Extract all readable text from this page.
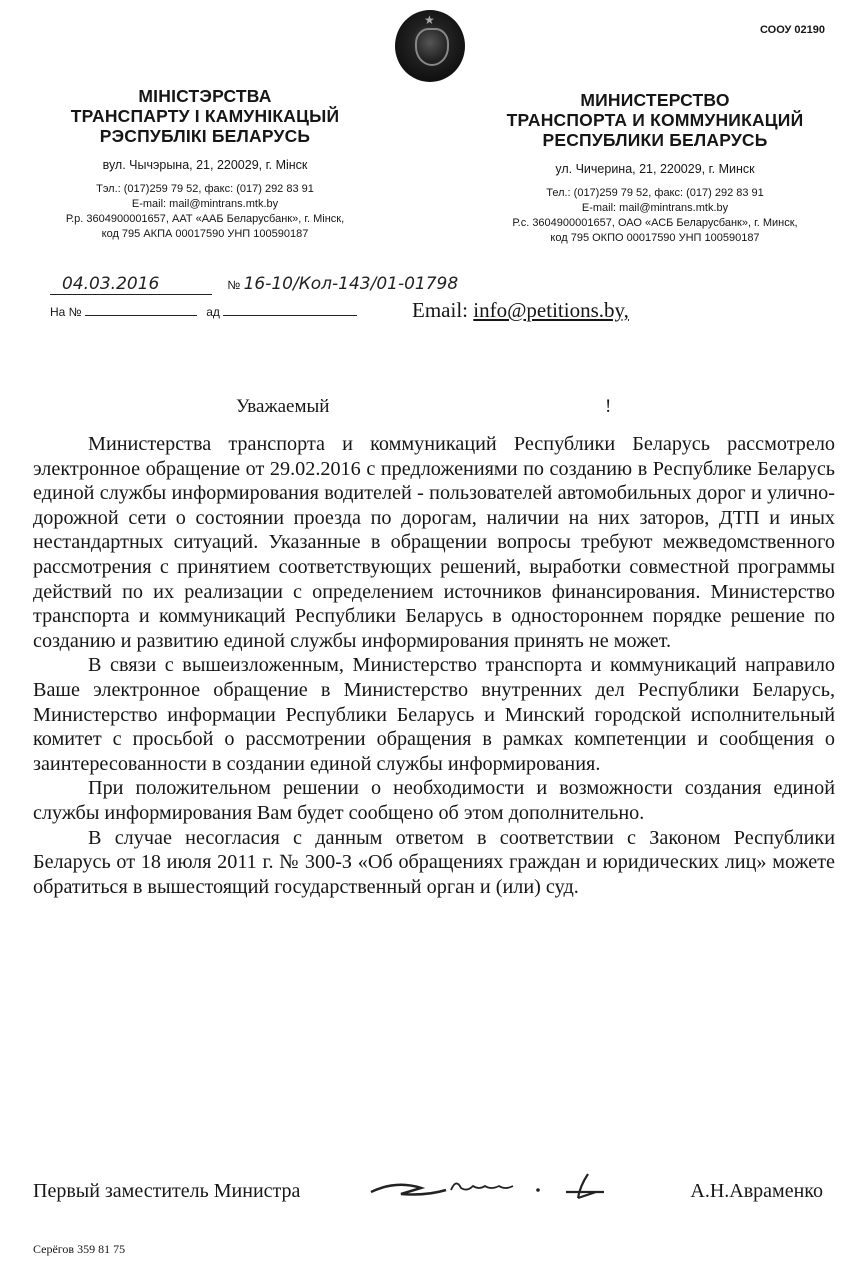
★
СООУ 02190
МІНІСТЭРСТВА
ТРАНСПАРТУ І КАМУНІКАЦЫЙ
РЭСПУБЛІКІ БЕЛАРУСЬ
вул. Чычэрына, 21, 220029, г. Мінск
Тэл.: (017)259 79 52, факс: (017) 292 83 91
E-mail: mail@mintrans.mtk.by
Р.р. 3604900001657, ААТ «ААБ Беларусбанк», г. Мінск,
код 795 АКПА 00017590 УНП 100590187
МИНИСТЕРСТВО
ТРАНСПОРТА И КОММУНИКАЦИЙ
РЕСПУБЛИКИ БЕЛАРУСЬ
ул. Чичерина, 21, 220029, г. Минск
Тел.: (017)259 79 52, факс: (017) 292 83 91
E-mail: mail@mintrans.mtk.by
Р.с. 3604900001657, ОАО «АСБ Беларусбанк», г. Минск,
код 795 ОКПО 00017590 УНП 100590187
04.03.2016	№ 16-10/Кол-143/01-01798
На №	ад	Email: info@petitions.by,
Уважаемый	!

Министерства транспорта и коммуникаций Республики Беларусь рассмотрело электронное обращение от 29.02.2016 с предложениями по созданию в Республике Беларусь единой службы информирования водителей - пользователей автомобильных дорог и улично-дорожной сети о состоянии проезда по дорогам, наличии на них заторов, ДТП и иных нестандартных ситуаций. Указанные в обращении вопросы требуют межведомственного рассмотрения с принятием соответствующих решений, выработки совместной программы действий по их реализации с определением источников финансирования. Министерство транспорта и коммуникаций Республики Беларусь в одностороннем порядке решение по созданию и развитию единой службы информирования принять не может.

В связи с вышеизложенным, Министерство транспорта и коммуникаций направило Ваше электронное обращение в Министерство внутренних дел Республики Беларусь, Министерство информации Республики Беларусь и Минский городской исполнительный комитет с просьбой о рассмотрении обращения в рамках компетенции и сообщения о заинтересованности в создании единой службы информирования.

При положительном решении о необходимости и возможности создания единой службы информирования Вам будет сообщено об этом дополнительно.

В случае несогласия с данным ответом в соответствии с Законом Республики Беларусь от 18 июля 2011 г. № 300-З «Об обращениях граждан и юридических лиц» можете обратиться в вышестоящий государственный орган и (или) суд.

Первый заместитель Министра	А.Н.Авраменко
Серёгов 359 81 75
